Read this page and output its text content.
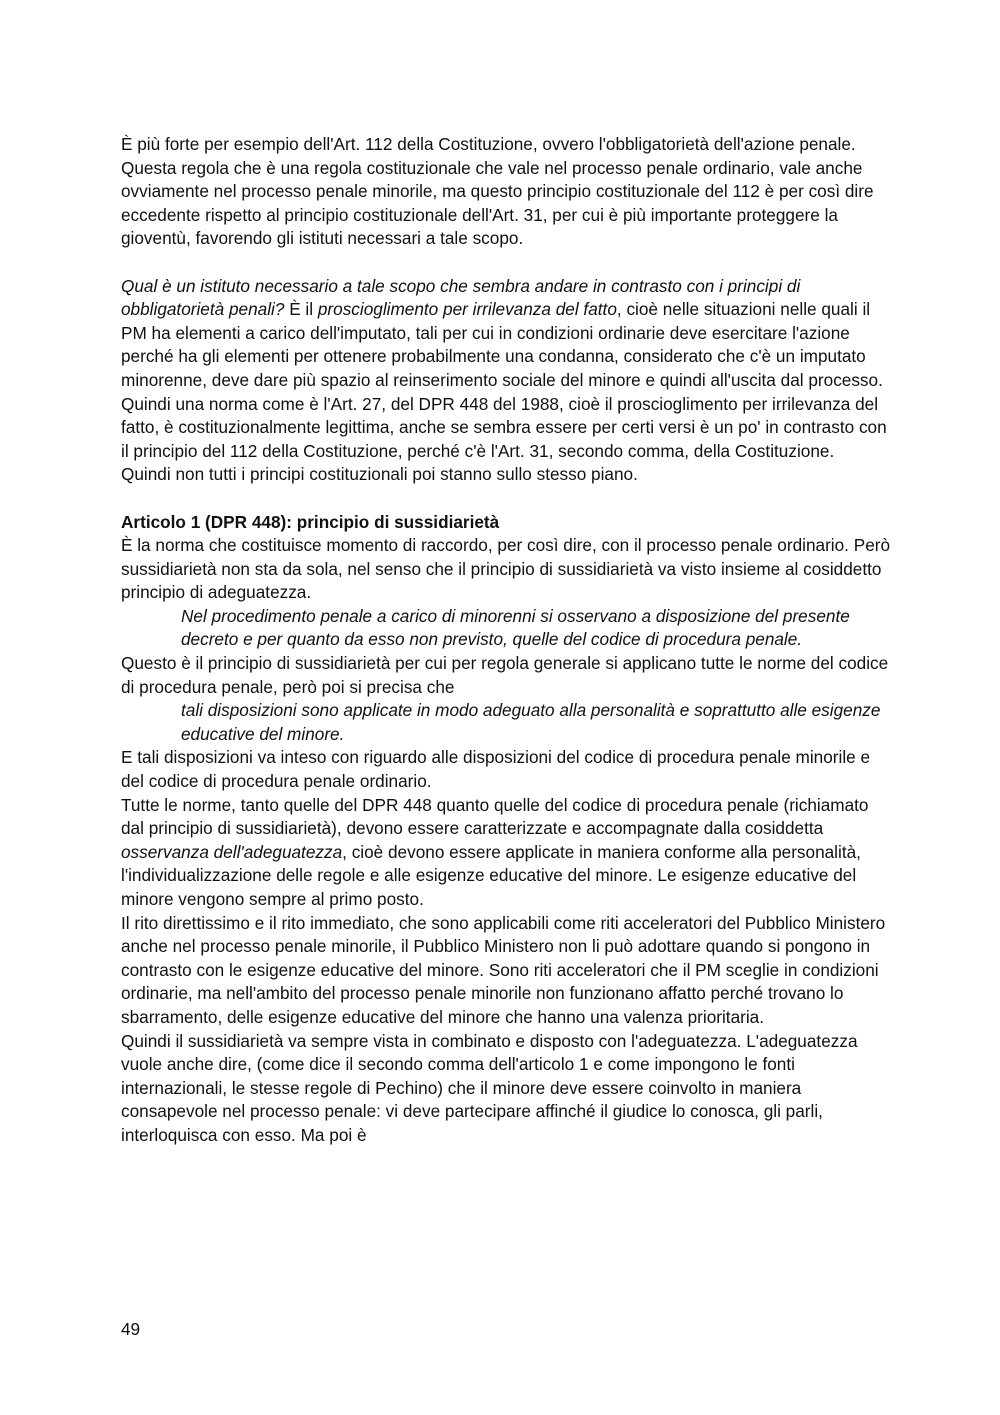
È più forte per esempio dell'Art. 112 della Costituzione, ovvero l'obbligatorietà dell'azione penale. Questa regola che è una regola costituzionale che vale nel processo penale ordinario, vale anche ovviamente nel processo penale minorile, ma questo principio costituzionale del 112 è per così dire eccedente rispetto al principio costituzionale dell'Art. 31, per cui è più importante proteggere la gioventù, favorendo gli istituti necessari a tale scopo.

Qual è un istituto necessario a tale scopo che sembra andare in contrasto con i principi di obbligatorietà penali? È il proscioglimento per irrilevanza del fatto, cioè nelle situazioni nelle quali il PM ha elementi a carico dell'imputato, tali per cui in condizioni ordinarie deve esercitare l'azione perché ha gli elementi per ottenere probabilmente una condanna, considerato che c'è un imputato minorenne, deve dare più spazio al reinserimento sociale del minore e quindi all'uscita dal processo.

Quindi una norma come è l'Art. 27, del DPR 448 del 1988, cioè il proscioglimento per irrilevanza del fatto, è costituzionalmente legittima, anche se sembra essere per certi versi è un po' in contrasto con il principio del 112 della Costituzione, perché c'è l'Art. 31, secondo comma, della Costituzione.

Quindi non tutti i principi costituzionali poi stanno sullo stesso piano.

Articolo 1 (DPR 448): principio di sussidiarietà

È la norma che costituisce momento di raccordo, per così dire, con il processo penale ordinario. Però sussidiarietà non sta da sola, nel senso che il principio di sussidiarietà va visto insieme al cosiddetto principio di adeguatezza.

Nel procedimento penale a carico di minorenni si osservano a disposizione del presente decreto e per quanto da esso non previsto, quelle del codice di procedura penale.

Questo è il principio di sussidiarietà per cui per regola generale si applicano tutte le norme del codice di procedura penale, però poi si precisa che

tali disposizioni sono applicate in modo adeguato alla personalità e soprattutto alle esigenze educative del minore.

E tali disposizioni va inteso con riguardo alle disposizioni del codice di procedura penale minorile e del codice di procedura penale ordinario.

Tutte le norme, tanto quelle del DPR 448 quanto quelle del codice di procedura penale (richiamato dal principio di sussidiarietà), devono essere caratterizzate e accompagnate dalla cosiddetta osservanza dell'adeguatezza, cioè devono essere applicate in maniera conforme alla personalità, l'individualizzazione delle regole e alle esigenze educative del minore. Le esigenze educative del minore vengono sempre al primo posto.

Il rito direttissimo e il rito immediato, che sono applicabili come riti acceleratori del Pubblico Ministero anche nel processo penale minorile, il Pubblico Ministero non li può adottare quando si pongono in contrasto con le esigenze educative del minore. Sono riti acceleratori che il PM sceglie in condizioni ordinarie, ma nell'ambito del processo penale minorile non funzionano affatto perché trovano lo sbarramento, delle esigenze educative del minore che hanno una valenza prioritaria.

Quindi il sussidiarietà va sempre vista in combinato e disposto con l'adeguatezza. L'adeguatezza vuole anche dire, (come dice il secondo comma dell'articolo 1 e come impongono le fonti internazionali, le stesse regole di Pechino) che il minore deve essere coinvolto in maniera consapevole nel processo penale: vi deve partecipare affinché il giudice lo conosca, gli parli, interloquisca con esso. Ma poi è

49
